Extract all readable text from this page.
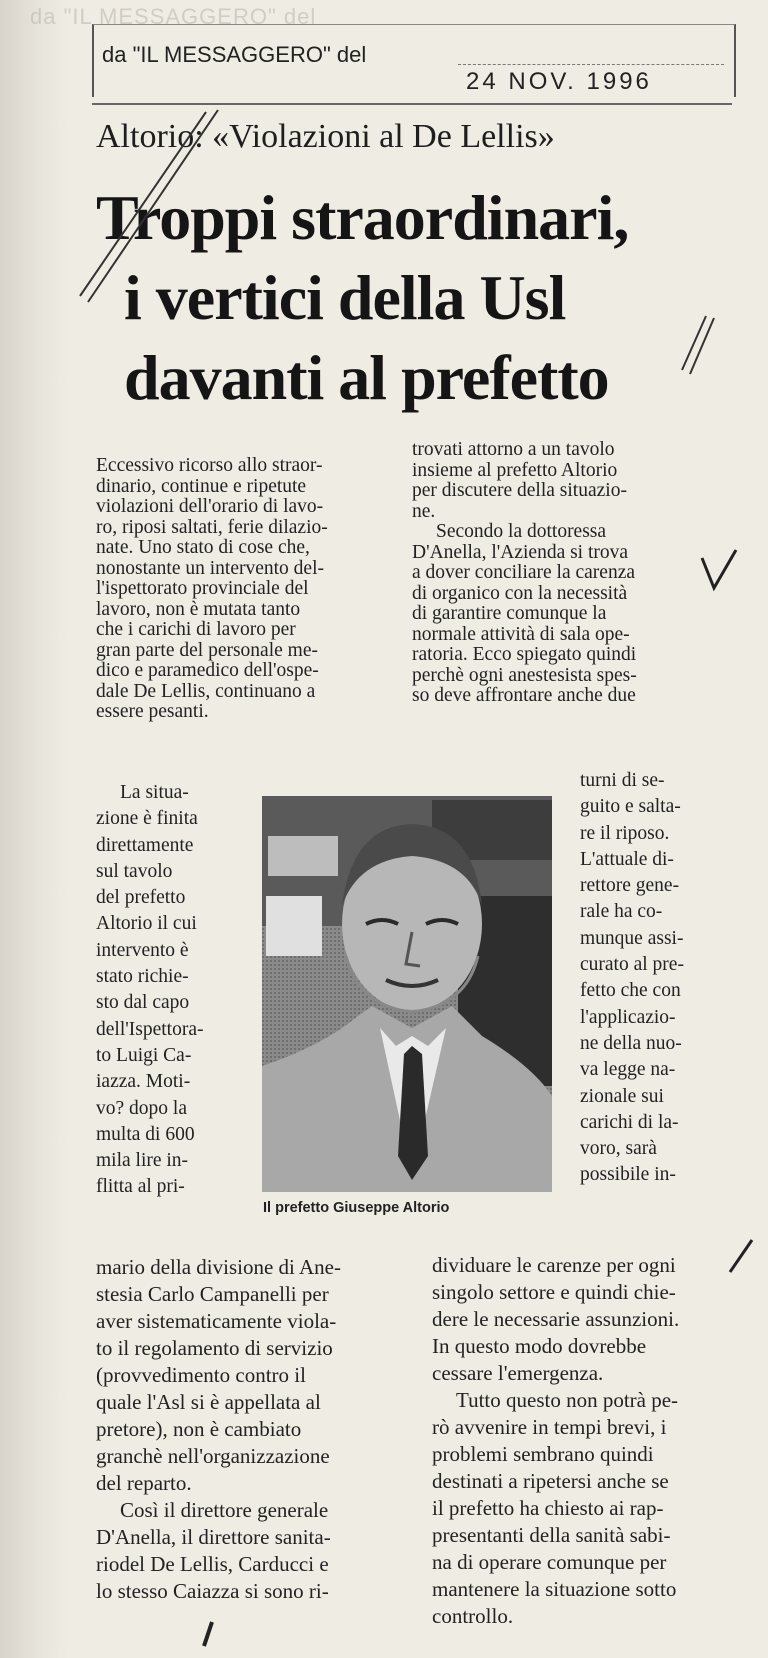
da "IL MESSAGGERO" del
da "IL MESSAGGERO" del
24 NOV. 1996
Altorio: «Violazioni al De Lellis»
Troppi straordinari,
i vertici della Usl
davanti al prefetto
Eccessivo ricorso allo straor-
dinario, continue e ripetute
violazioni dell'orario di lavo-
ro, riposi saltati, ferie dilazio-
nate. Uno stato di cose che,
nonostante un intervento del-
l'ispettorato provinciale del
lavoro, non è mutata tanto
che i carichi di lavoro per
gran parte del personale me-
dico e paramedico dell'ospe-
dale De Lellis, continuano a
essere pesanti.
trovati attorno a un tavolo
insieme al prefetto Altorio
per discutere della situazio-
ne.
Secondo la dottoressa
D'Anella, l'Azienda si trova
a dover conciliare la carenza
di organico con la necessità
di garantire comunque la
normale attività di sala ope-
ratoria. Ecco spiegato quindi
perchè ogni anestesista spes-
so deve affrontare anche due
La situa-
zione è finita
direttamente
sul tavolo
del prefetto
Altorio il cui
intervento è
stato richie-
sto dal capo
dell'Ispettora-
to Luigi Ca-
iazza. Moti-
vo? dopo la
multa di 600
mila lire in-
flitta al pri-
turni di se-
guito e salta-
re il riposo.
L'attuale di-
rettore gene-
rale ha co-
munque assi-
curato al pre-
fetto che con
l'applicazio-
ne della nuo-
va legge na-
zionale sui
carichi di la-
voro, sarà
possibile in-
Il prefetto Giuseppe Altorio
mario della divisione di Ane-
stesia Carlo Campanelli per
aver sistematicamente viola-
to il regolamento di servizio
(provvedimento contro il
quale l'Asl si è appellata al
pretore), non è cambiato
granchè nell'organizzazione
del reparto.
Così il direttore generale
D'Anella, il direttore sanita-
riodel De Lellis, Carducci e
lo stesso Caiazza si sono ri-
dividuare le carenze per ogni
singolo settore e quindi chie-
dere le necessarie assunzioni.
In questo modo dovrebbe
cessare l'emergenza.
Tutto questo non potrà pe-
rò avvenire in tempi brevi, i
problemi sembrano quindi
destinati a ripetersi anche se
il prefetto ha chiesto ai rap-
presentanti della sanità sabi-
na di operare comunque per
mantenere la situazione sotto
controllo.
